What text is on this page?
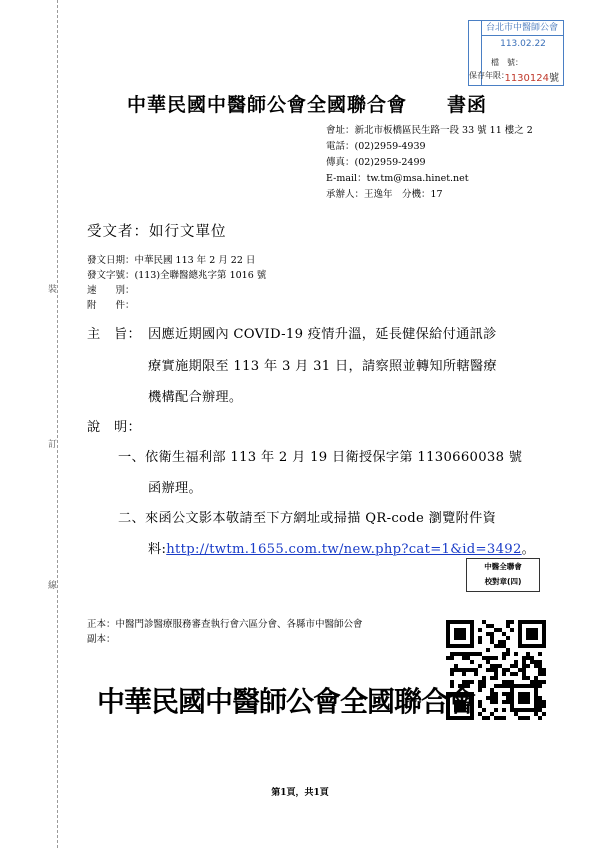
裝
訂
線
台北市中醫師公會
113.02.22
檔　號：
保存年限：
1130124號
中華民國中醫師公會全國聯合會　　書函
會址：新北市板橋區民生路一段 33 號 11 樓之 2
電話：(02)2959-4939
傳真：(02)2959-2499
E-mail：tw.tm@msa.hinet.net
承辦人：王逸年　分機：17
受文者：如行文單位
發文日期：中華民國 113 年 2 月 22 日
發文字號：(113)全聯醫總兆字第 1016 號
速　　別：
附　　件：
主　旨： 因應近期國內 COVID-19 疫情升溫，延長健保給付通訊診
療實施期限至 113 年 3 月 31 日，請察照並轉知所轄醫療
機構配合辦理。
說　明：
一、依衛生福利部 113 年 2 月 19 日衛授保字第 1130660038 號
函辦理。
二、來函公文影本敬請至下方網址或掃描 QR-code 瀏覽附件資
料:http://twtm.1655.com.tw/new.php?cat=1&id=3492。
中醫全聯會
校對章(四)
正本：中醫門診醫療服務審查執行會六區分會、各縣市中醫師公會
副本：
中華民國中醫師公會全國聯合會
第1頁，共1頁
